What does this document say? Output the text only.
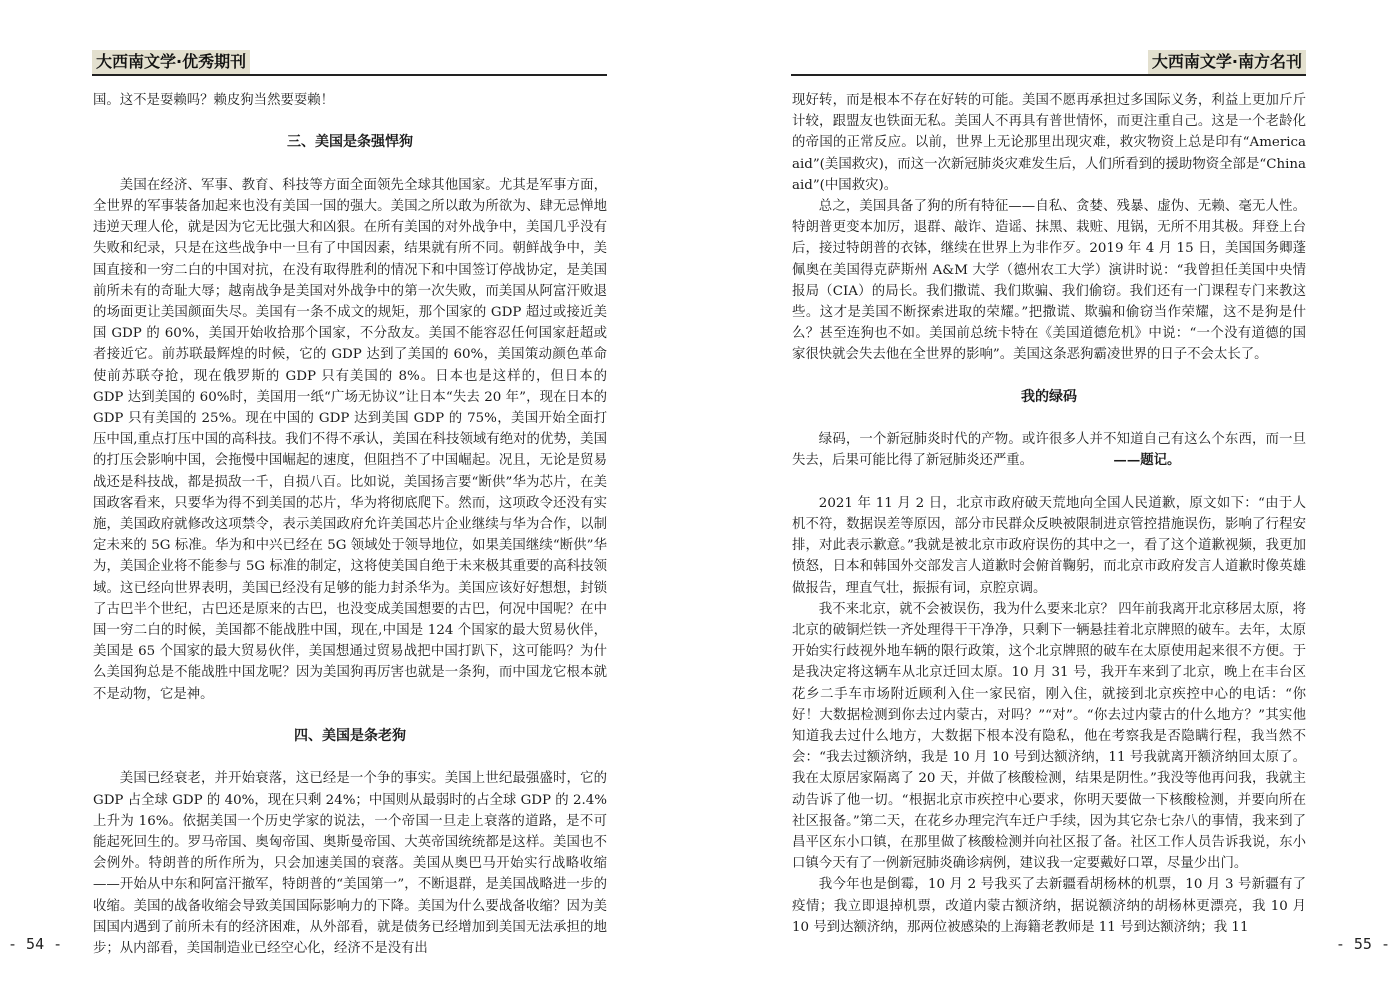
大西南文学·优秀期刊

国。这不是耍赖吗？赖皮狗当然要耍赖！

三、美国是条强悍狗

美国在经济、军事、教育、科技等方面全面领先全球其他国家。尤其是军事方面，全世界的军事装备加起来也没有美国一国的强大。美国之所以敢为所欲为、肆无忌惮地违逆天理人伦，就是因为它无比强大和凶狠。在所有美国的对外战争中，美国几乎没有失败和纪录，只是在这些战争中一旦有了中国因素，结果就有所不同。朝鲜战争中，美国直接和一穷二白的中国对抗，在没有取得胜利的情况下和中国签订停战协定，是美国前所未有的奇耻大辱；越南战争是美国对外战争中的第一次失败，而美国从阿富汗败退的场面更让美国颜面失尽。美国有一条不成文的规矩，那个国家的 GDP 超过或接近美国 GDP 的 60%，美国开始收拾那个国家，不分敌友。美国不能容忍任何国家赶超或者接近它。前苏联最辉煌的时候，它的 GDP 达到了美国的 60%，美国策动颜色革命使前苏联夺抢，现在俄罗斯的 GDP 只有美国的 8%。日本也是这样的，但日本的 GDP 达到美国的 60%时，美国用一纸“广场无协议”让日本“失去 20 年”，现在日本的 GDP 只有美国的 25%。现在中国的 GDP 达到美国 GDP 的 75%，美国开始全面打压中国,重点打压中国的高科技。我们不得不承认，美国在科技领域有绝对的优势，美国的打压会影响中国，会拖慢中国崛起的速度，但阻挡不了中国崛起。况且，无论是贸易战还是科技战，都是损敌一千，自损八百。比如说，美国扬言要“断供”华为芯片，在美国政客看来，只要华为得不到美国的芯片，华为将彻底爬下。然而，这项政令还没有实施，美国政府就修改这项禁令，表示美国政府允许美国芯片企业继续与华为合作，以制定未来的 5G 标准。华为和中兴已经在 5G 领域处于领导地位，如果美国继续“断供”华为，美国企业将不能参与 5G 标准的制定，这将使美国自绝于未来极其重要的高科技领域。这已经向世界表明，美国已经没有足够的能力封杀华为。美国应该好好想想，封锁了古巴半个世纪，古巴还是原来的古巴，也没变成美国想要的古巴，何况中国呢？在中国一穷二白的时候，美国都不能战胜中国，现在,中国是 124 个国家的最大贸易伙伴，美国是 65 个国家的最大贸易伙伴，美国想通过贸易战把中国打趴下，这可能吗？为什么美国狗总是不能战胜中国龙呢？因为美国狗再厉害也就是一条狗，而中国龙它根本就不是动物，它是神。

四、美国是条老狗

美国已经衰老，并开始衰落，这已经是一个争的事实。美国上世纪最强盛时，它的 GDP 占全球 GDP 的 40%，现在只剩 24%；中国则从最弱时的占全球 GDP 的 2.4%上升为 16%。依据美国一个历史学家的说法，一个帝国一旦走上衰落的道路，是不可能起死回生的。罗马帝国、奥匈帝国、奥斯曼帝国、大英帝国统统都是这样。美国也不会例外。特朗普的所作所为，只会加速美国的衰落。美国从奥巴马开始实行战略收缩——开始从中东和阿富汗撤军，特朗普的“美国第一”，不断退群，是美国战略进一步的收缩。美国的战备收缩会导致美国国际影响力的下降。美国为什么要战备收缩？因为美国国内遇到了前所未有的经济困难，从外部看，就是债务已经增加到美国无法承担的地步；从内部看，美国制造业已经空心化，经济不是没有出

- 54 -
大西南文学·南方名刊

现好转，而是根本不存在好转的可能。美国不愿再承担过多国际义务，利益上更加斤斤计较，跟盟友也铁面无私。美国人不再具有普世情怀，而更注重自己。这是一个老龄化的帝国的正常反应。以前，世界上无论那里出现灾难，救灾物资上总是印有“America aid”(美国救灾)，而这一次新冠肺炎灾难发生后，人们所看到的援助物资全部是“China aid”(中国救灾)。

总之，美国具备了狗的所有特征——自私、贪婪、残暴、虚伪、无赖、毫无人性。特朗普更变本加厉，退群、敲诈、造谣、抹黑、栽赃、甩锅，无所不用其极。拜登上台后，接过特朗普的衣钵，继续在世界上为非作歹。2019 年 4 月 15 日，美国国务卿蓬佩奥在美国得克萨斯州 A&M 大学（德州农工大学）演讲时说：“我曾担任美国中央情报局（CIA）的局长。我们撒谎、我们欺骗、我们偷窃。我们还有一门课程专门来教这些。这才是美国不断探索进取的荣耀。”把撒谎、欺骗和偷窃当作荣耀，这不是狗是什么？甚至连狗也不如。美国前总统卡特在《美国道德危机》中说：“一个没有道德的国家很快就会失去他在全世界的影响”。美国这条恶狗霸凌世界的日子不会太长了。

我的绿码

绿码，一个新冠肺炎时代的产物。或许很多人并不知道自己有这么个东西，而一旦失去，后果可能比得了新冠肺炎还严重。	——题记。

2021 年 11 月 2 日，北京市政府破天荒地向全国人民道歉，原文如下：“由于人机不符，数据误差等原因，部分市民群众反映被限制进京管控措施误伤，影响了行程安排，对此表示歉意。”我就是被北京市政府误伤的其中之一，看了这个道歉视频，我更加愤怒，日本和韩国外交部发言人道歉时会俯首鞠躬，而北京市政府发言人道歉时像英雄做报告，理直气壮，振振有词，京腔京调。

我不来北京，就不会被误伤，我为什么要来北京？ 四年前我离开北京移居太原，将北京的破铜烂铁一齐处理得干干净净，只剩下一辆悬挂着北京牌照的破车。去年，太原开始实行歧视外地车辆的限行政策，这个北京牌照的破车在太原使用起来很不方便。于是我决定将这辆车从北京迁回太原。10 月 31 号，我开车来到了北京，晚上在丰台区花乡二手车市场附近顾利入住一家民宿，刚入住，就接到北京疾控中心的电话：“你好！大数据检测到你去过内蒙古，对吗？”“对”。“你去过内蒙古的什么地方？”其实他知道我去过什么地方，大数据下根本没有隐私，他在考察我是否隐瞒行程，我当然不会：“我去过额济纳，我是 10 月 10 号到达额济纳，11 号我就离开额济纳回太原了。我在太原居家隔离了 20 天，并做了核酸检测，结果是阴性。”我没等他再问我，我就主动告诉了他一切。“根据北京市疾控中心要求，你明天要做一下核酸检测，并要向所在社区报备。”第二天，在花乡办理完汽车迁户手续，因为其它杂七杂八的事情，我来到了昌平区东小口镇，在那里做了核酸检测并向社区报了备。社区工作人员告诉我说，东小口镇今天有了一例新冠肺炎确诊病例，建议我一定要戴好口罩，尽量少出门。

我今年也是倒霉，10 月 2 号我买了去新疆看胡杨林的机票，10 月 3 号新疆有了疫情；我立即退掉机票，改道内蒙古额济纳，据说额济纳的胡杨林更漂亮，我 10 月 10 号到达额济纳，那两位被感染的上海籍老教师是 11 号到达额济纳；我 11

- 55 -
